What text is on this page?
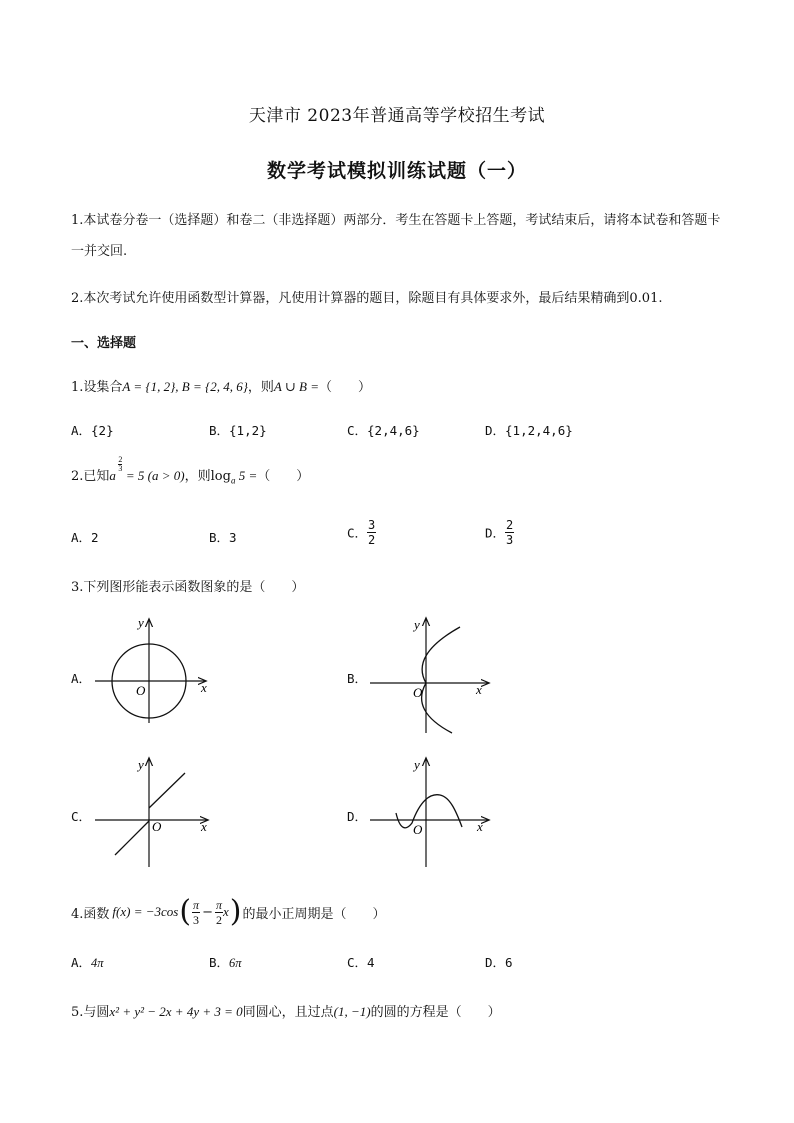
天津市 2023年普通高等学校招生考试
数学考试模拟训练试题（一）
1.本试卷分卷一（选择题）和卷二（非选择题）两部分．考生在答题卡上答题，考试结束后，请将本试卷和答题卡一并交回.
2.本次考试允许使用函数型计算器，凡使用计算器的题目，除题目有具体要求外，最后结果精确到0.01.
一、选择题
1.设集合A = {1, 2}, B = {2, 4, 6}，则A ∪ B =（　　）
A．{2}	B．{1,2}	C．{2,4,6}	D．{1,2,4,6}
2.已知a
2
3 = 5 (a > 0)，则$\log_a 5$ =（　　）
A．2	B．3	C． $\frac{3}{2}$	D． $\frac{2}{3}$
3.下列图形能表示函数图象的是（　　）
A．
y
x
O
B．
y
x
O
C．
y
x
O
D．
y
x
O
4.函数 f(x) = −3cos ( $\frac{\pi}{3} - \frac{\pi}{2}$ x ) 的最小正周期是（　　）
A．4π	B．6π	C．4	D．6
5.与圆x² + y² − 2x + 4y + 3 = 0同圆心，且过点(1, −1)的圆的方程是（　　）
